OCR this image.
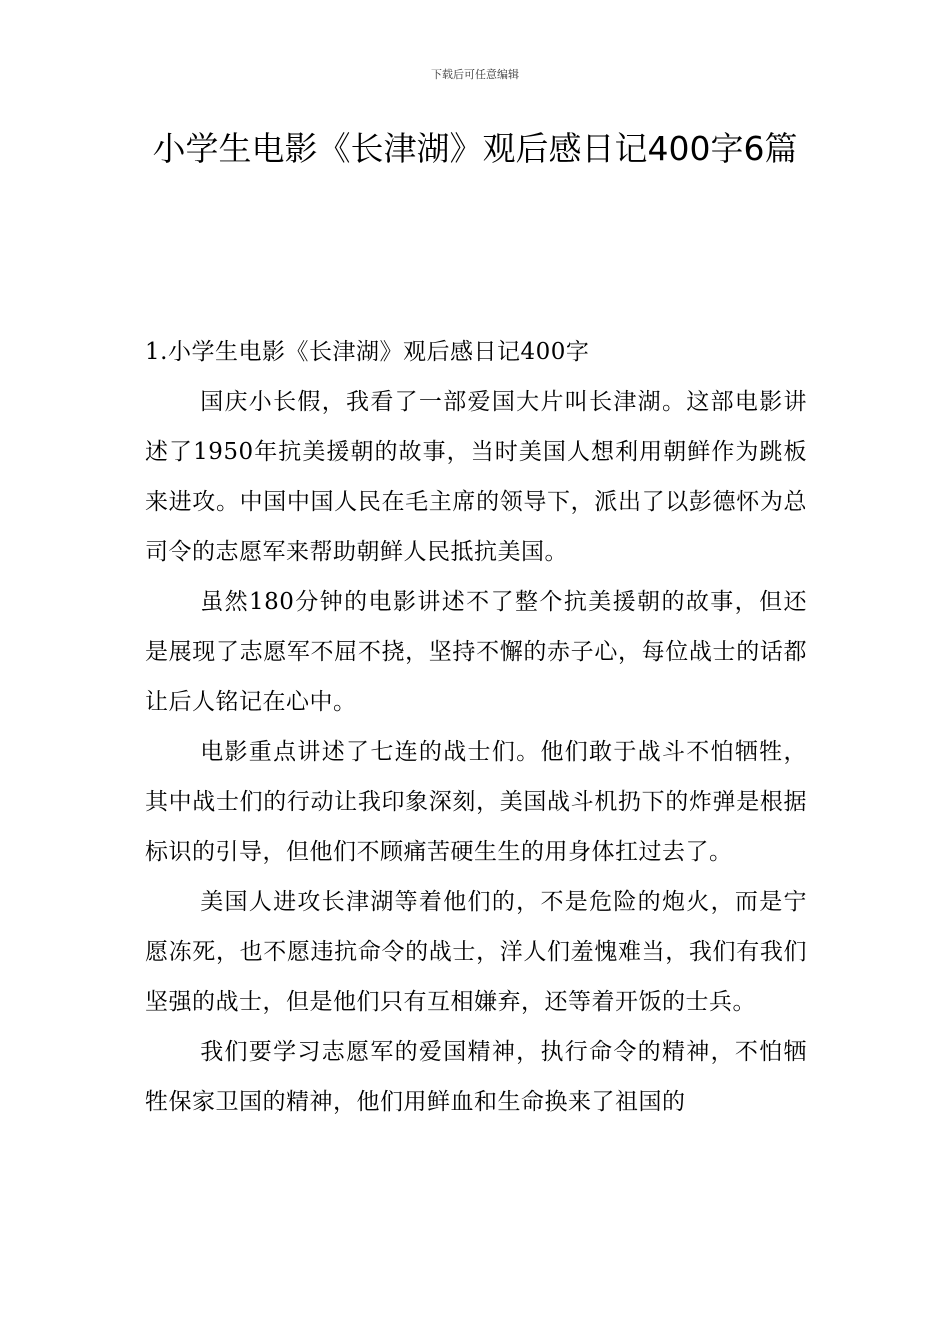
下载后可任意编辑
小学生电影《长津湖》观后感日记400字6篇
1.小学生电影《长津湖》观后感日记400字

国庆小长假，我看了一部爱国大片叫长津湖。这部电影讲述了1950年抗美援朝的故事，当时美国人想利用朝鲜作为跳板来进攻。中国中国人民在毛主席的领导下，派出了以彭德怀为总司令的志愿军来帮助朝鲜人民抵抗美国。

虽然180分钟的电影讲述不了整个抗美援朝的故事，但还是展现了志愿军不屈不挠，坚持不懈的赤子心，每位战士的话都让后人铭记在心中。

电影重点讲述了七连的战士们。他们敢于战斗不怕牺牲，其中战士们的行动让我印象深刻，美国战斗机扔下的炸弹是根据标识的引导，但他们不顾痛苦硬生生的用身体扛过去了。

美国人进攻长津湖等着他们的，不是危险的炮火，而是宁愿冻死，也不愿违抗命令的战士，洋人们羞愧难当，我们有我们坚强的战士，但是他们只有互相嫌弃，还等着开饭的士兵。

我们要学习志愿军的爱国精神，执行命令的精神，不怕牺牲保家卫国的精神，他们用鲜血和生命换来了祖国的
